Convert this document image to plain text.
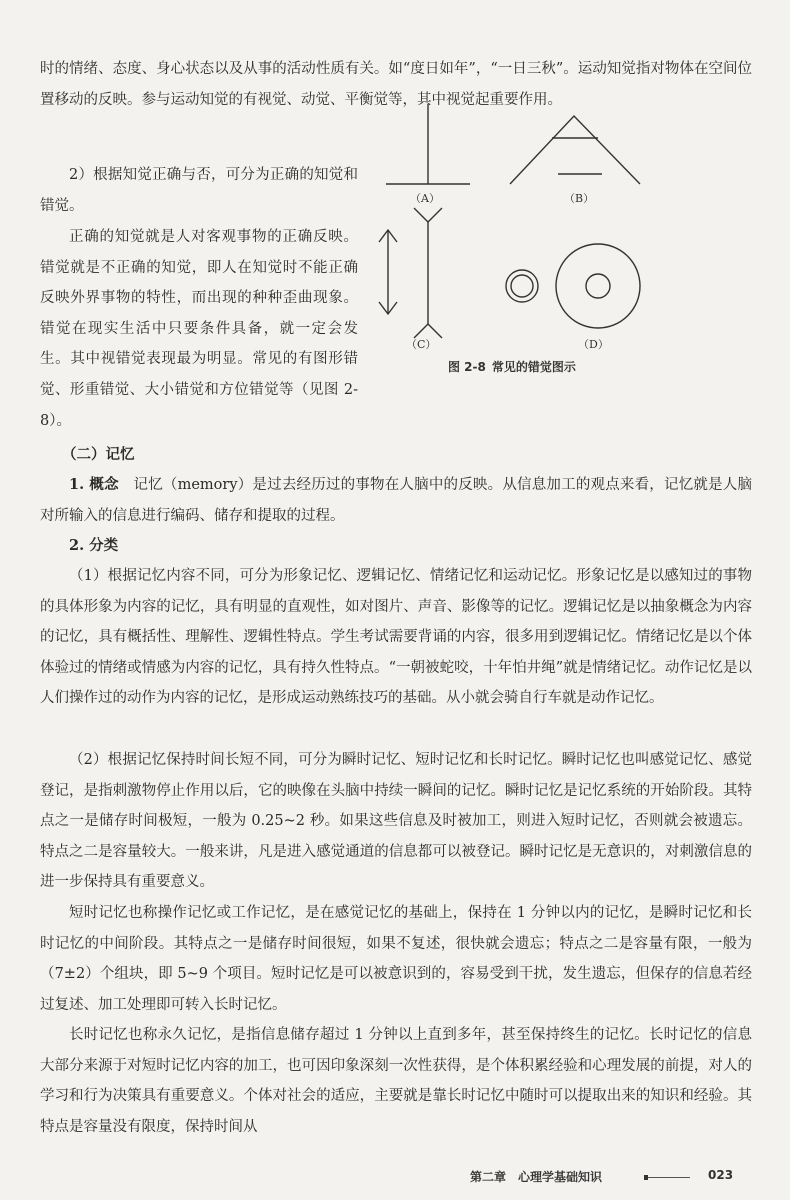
时的情绪、态度、身心状态以及从事的活动性质有关。如“度日如年”，“一日三秋”。运动知觉指对物体在空间位置移动的反映。参与运动知觉的有视觉、动觉、平衡觉等，其中视觉起重要作用。

2）根据知觉正确与否，可分为正确的知觉和错觉。

正确的知觉就是人对客观事物的正确反映。错觉就是不正确的知觉，即人在知觉时不能正确反映外界事物的特性，而出现的种种歪曲现象。错觉在现实生活中只要条件具备，就一定会发生。其中视错觉表现最为明显。常见的有图形错觉、形重错觉、大小错觉和方位错觉等（见图 2-8）。

（A）	（B）
（C）	（D）
图 2-8 常见的错觉图示

（二）记忆

1. 概念　 记忆（memory）是过去经历过的事物在人脑中的反映。从信息加工的观点来看，记忆就是人脑对所输入的信息进行编码、储存和提取的过程。

2. 分类

（1）根据记忆内容不同，可分为形象记忆、逻辑记忆、情绪记忆和运动记忆。形象记忆是以感知过的事物的具体形象为内容的记忆，具有明显的直观性，如对图片、声音、影像等的记忆。逻辑记忆是以抽象概念为内容的记忆，具有概括性、理解性、逻辑性特点。学生考试需要背诵的内容，很多用到逻辑记忆。情绪记忆是以个体体验过的情绪或情感为内容的记忆，具有持久性特点。“一朝被蛇咬，十年怕井绳”就是情绪记忆。动作记忆是以人们操作过的动作为内容的记忆，是形成运动熟练技巧的基础。从小就会骑自行车就是动作记忆。

（2）根据记忆保持时间长短不同，可分为瞬时记忆、短时记忆和长时记忆。瞬时记忆也叫感觉记忆、感觉登记，是指刺激物停止作用以后，它的映像在头脑中持续一瞬间的记忆。瞬时记忆是记忆系统的开始阶段。其特点之一是储存时间极短，一般为 0.25~2 秒。如果这些信息及时被加工，则进入短时记忆，否则就会被遗忘。特点之二是容量较大。一般来讲，凡是进入感觉通道的信息都可以被登记。瞬时记忆是无意识的，对刺激信息的进一步保持具有重要意义。

短时记忆也称操作记忆或工作记忆，是在感觉记忆的基础上，保持在 1 分钟以内的记忆，是瞬时记忆和长时记忆的中间阶段。其特点之一是储存时间很短，如果不复述，很快就会遗忘；特点之二是容量有限，一般为（7±2）个组块，即 5~9 个项目。短时记忆是可以被意识到的，容易受到干扰，发生遗忘，但保存的信息若经过复述、加工处理即可转入长时记忆。

长时记忆也称永久记忆，是指信息储存超过 1 分钟以上直到多年，甚至保持终生的记忆。长时记忆的信息大部分来源于对短时记忆内容的加工，也可因印象深刻一次性获得，是个体积累经验和心理发展的前提，对人的学习和行为决策具有重要意义。个体对社会的适应，主要就是靠长时记忆中随时可以提取出来的知识和经验。其特点是容量没有限度，保持时间从

第二章　心理学基础知识	023
